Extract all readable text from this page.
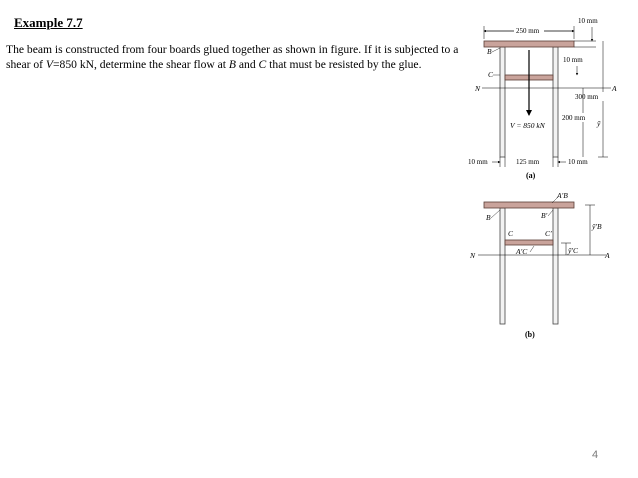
Example 7.7
The beam is constructed from four boards glued together as shown in figure. If it is subjected to a shear of V=850 kN, determine the shear flow at B and C that must be resisted by the glue.
250 mm
10 mm
10 mm
300 mm
200 mm
ȳ
10 mm	125 mm	10 mm
B
C
N	A
V = 850 kN
(a)
A′B
B	B′
C	C′
A′C
ȳ′B
ȳ′C
N	A
(b)
4
